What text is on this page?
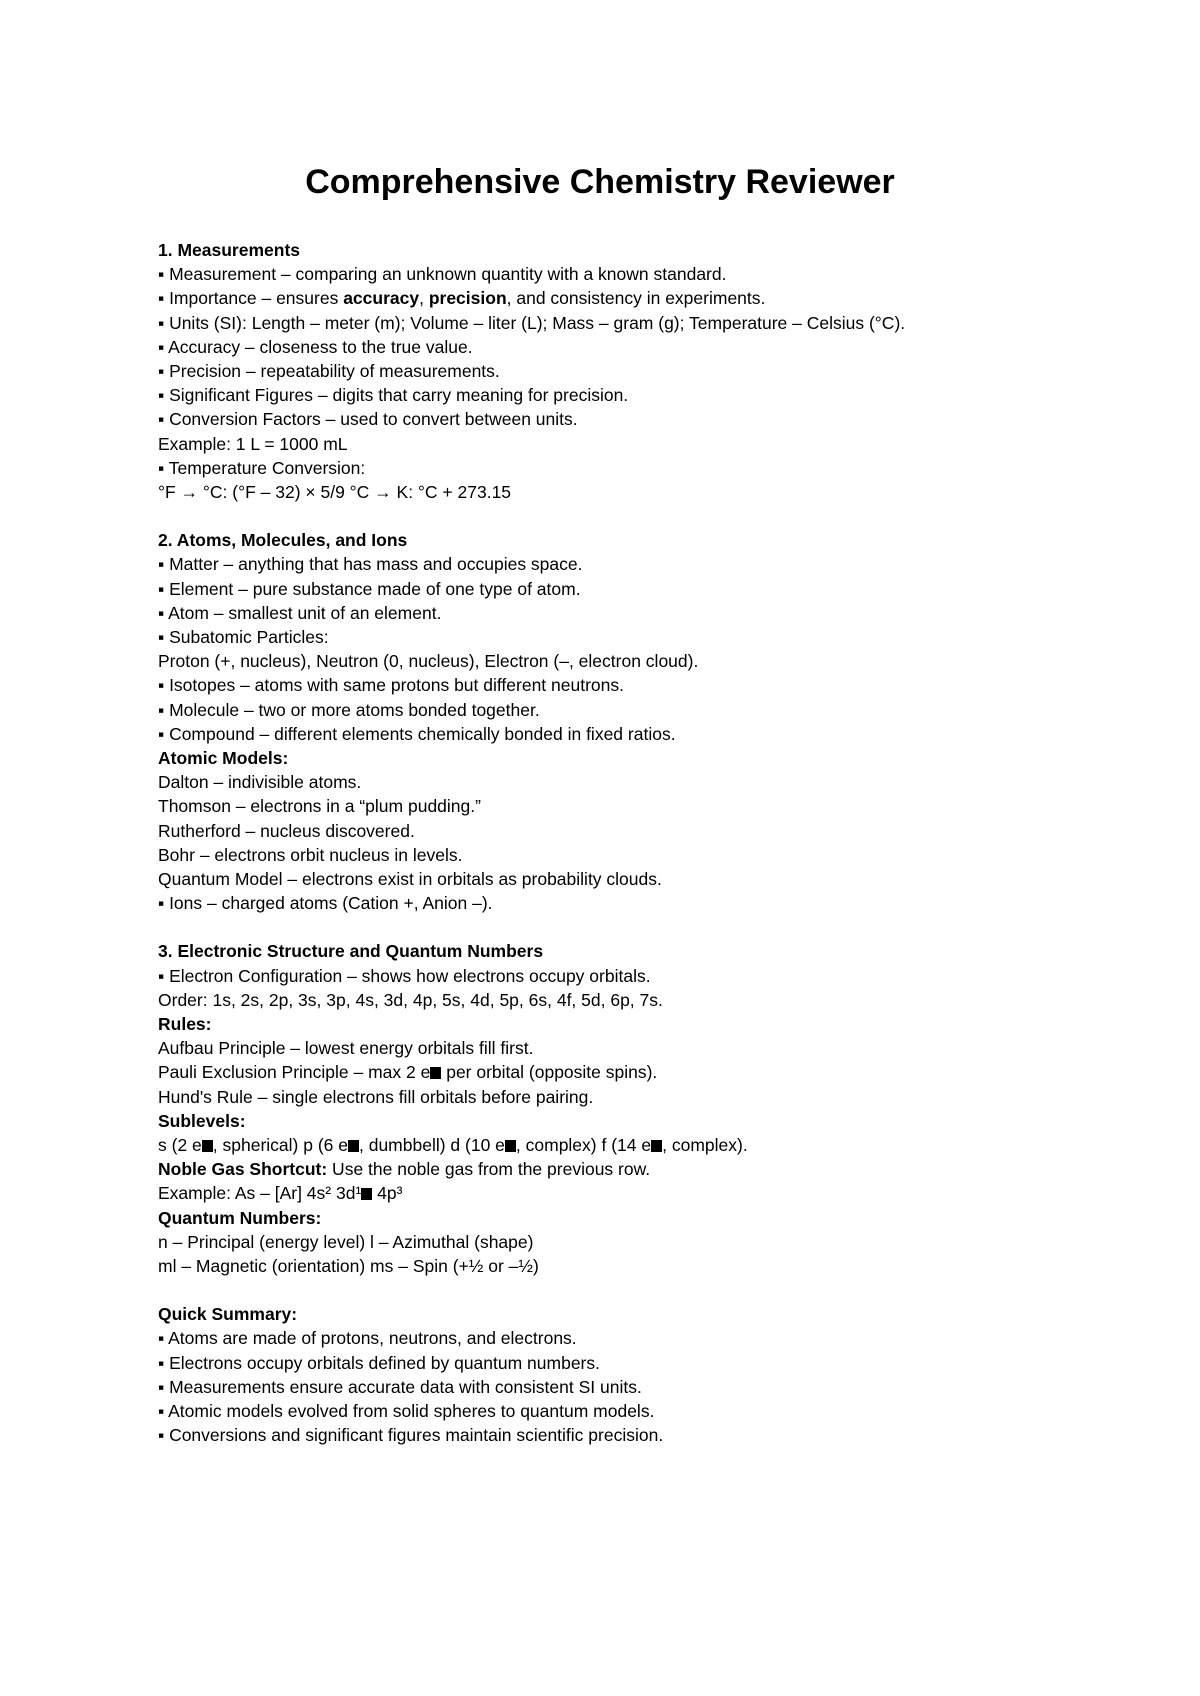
Comprehensive Chemistry Reviewer
1. Measurements
▪ Measurement – comparing an unknown quantity with a known standard.
▪ Importance – ensures accuracy, precision, and consistency in experiments.
▪ Units (SI): Length – meter (m); Volume – liter (L); Mass – gram (g); Temperature – Celsius (°C).
▪ Accuracy – closeness to the true value.
▪ Precision – repeatability of measurements.
▪ Significant Figures – digits that carry meaning for precision.
▪ Conversion Factors – used to convert between units.
Example: 1 L = 1000 mL
▪ Temperature Conversion:
°F → °C: (°F – 32) × 5/9 °C → K: °C + 273.15
2. Atoms, Molecules, and Ions
▪ Matter – anything that has mass and occupies space.
▪ Element – pure substance made of one type of atom.
▪ Atom – smallest unit of an element.
▪ Subatomic Particles:
Proton (+, nucleus), Neutron (0, nucleus), Electron (–, electron cloud).
▪ Isotopes – atoms with same protons but different neutrons.
▪ Molecule – two or more atoms bonded together.
▪ Compound – different elements chemically bonded in fixed ratios.
Atomic Models:
Dalton – indivisible atoms.
Thomson – electrons in a “plum pudding.”
Rutherford – nucleus discovered.
Bohr – electrons orbit nucleus in levels.
Quantum Model – electrons exist in orbitals as probability clouds.
▪ Ions – charged atoms (Cation +, Anion –).
3. Electronic Structure and Quantum Numbers
▪ Electron Configuration – shows how electrons occupy orbitals.
Order: 1s, 2s, 2p, 3s, 3p, 4s, 3d, 4p, 5s, 4d, 5p, 6s, 4f, 5d, 6p, 7s.
Rules:
Aufbau Principle – lowest energy orbitals fill first.
Pauli Exclusion Principle – max 2 e per orbital (opposite spins).
Hund's Rule – single electrons fill orbitals before pairing.
Sublevels:
s (2 e , spherical) p (6 e , dumbbell) d (10 e , complex) f (14 e , complex).
Noble Gas Shortcut: Use the noble gas from the previous row.
Example: As – [Ar] 4s² 3d¹ 4p³
Quantum Numbers:
n – Principal (energy level) l – Azimuthal (shape)
ml – Magnetic (orientation) ms – Spin (+½ or –½)
Quick Summary:
▪ Atoms are made of protons, neutrons, and electrons.
▪ Electrons occupy orbitals defined by quantum numbers.
▪ Measurements ensure accurate data with consistent SI units.
▪ Atomic models evolved from solid spheres to quantum models.
▪ Conversions and significant figures maintain scientific precision.
